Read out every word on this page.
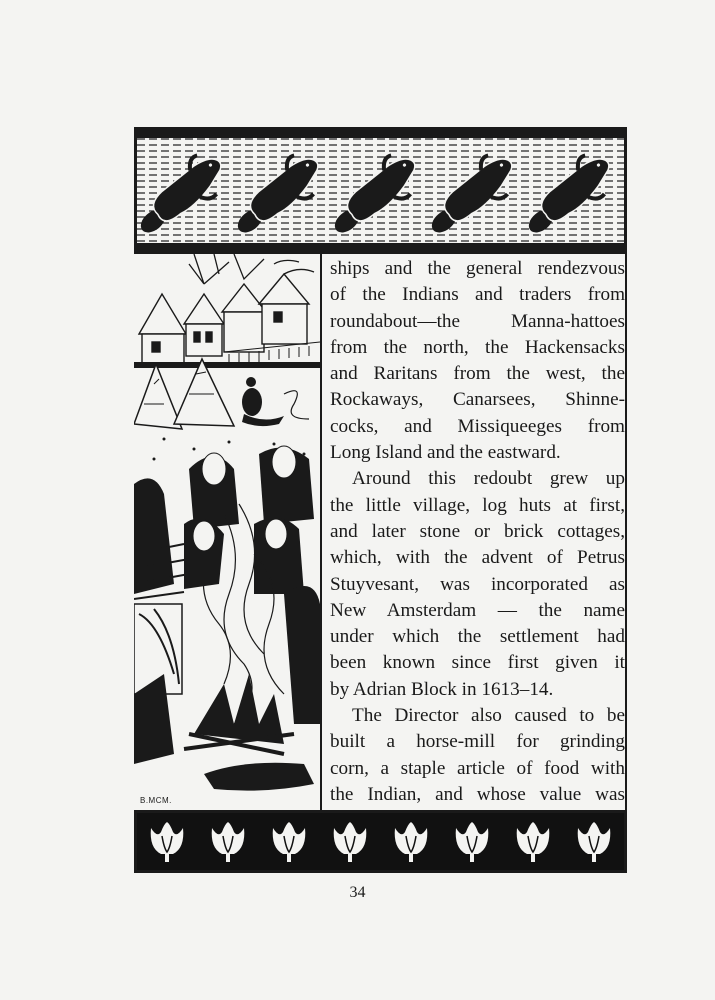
B.MCM.
ships and the general rendezvous
of the Indians and traders from
roundabout—the Manna-hattoes
from the north, the Hackensacks
and Raritans from the west, the
Rockaways, Canarsees, Shinne-
cocks, and Missiqueeges from
Long Island and the eastward.
Around this redoubt grew up
the little village, log huts at first,
and later stone or brick cottages,
which, with the advent of Petrus
Stuyvesant, was incorporated as
New Amsterdam — the name
under which the settlement had
been known since first given it
by Adrian Block in 1613–14.
The Director also caused to be
built a horse-mill for grinding
corn, a staple article of food with
the Indian, and whose value was
34
